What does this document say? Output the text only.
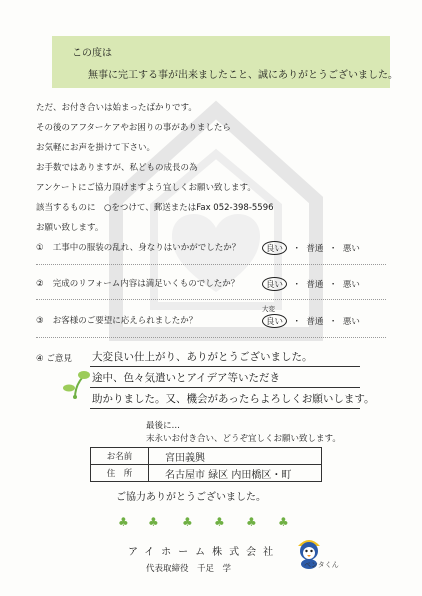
この度は
無事に完工する事が出来ましたこと、誠にありがとうございました。
ただ、お付き合いは始まったばかりです。
その後のアフターケアやお困りの事がありましたら
お気軽にお声を掛けて下さい。
お手数ではありますが、私どもの成長の為
アンケートにご協力頂けますよう宜しくお願い致します。
該当するものに　○をつけて、郵送またはFax 052-398-5596
お願い致します。
① 工事中の服装の乱れ、身なりはいかがでしたか？	良い ・ 普通 ・ 悪い
② 完成のリフォーム内容は満足いくものでしたか？	良い ・ 普通 ・ 悪い
大変
③ お客様のご要望に応えられましたか？	良い ・ 普通 ・ 悪い
④ ご意見 大変良い仕上がり、ありがとうございました。
途中、色々気遣いとアイデア等いただき
助かりました。又、機会があったらよろしくお願いします。
最後に…
末永いお付き合い、どうぞ宜しくお願い致します。
お名前	宮田義興
住　所	名古屋市 緑区 内田橋区・町
ご協力ありがとうございました。
♣ ♣ ♣ ♣ ♣ ♣
アイホーム株式会社
代表取締役　千足　学	ペンタくん
